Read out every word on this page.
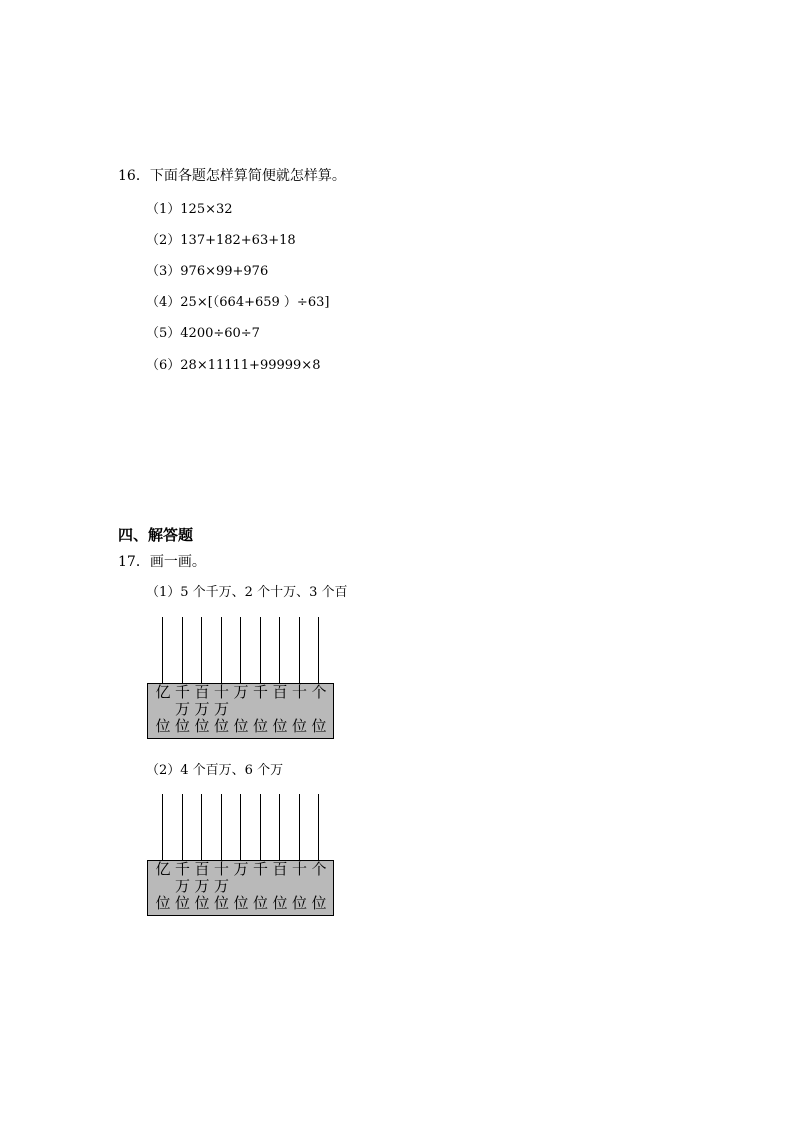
16．下面各题怎样算简便就怎样算。
（1）125×32
（2）137+182+63+18
（3）976×99+976
（4）25×[（664+659 ）÷63]
（5）4200÷60÷7
（6）28×11111+99999×8
四、解答题
17．画一画。
（1）5 个千万、2 个十万、3 个百
亿
位
千
万
位
百
万
位
十
万
位
万
位
千
位
百
位
十
位
个
位
（2）4 个百万、6 个万
亿
位
千
万
位
百
万
位
十
万
位
万
位
千
位
百
位
十
位
个
位
